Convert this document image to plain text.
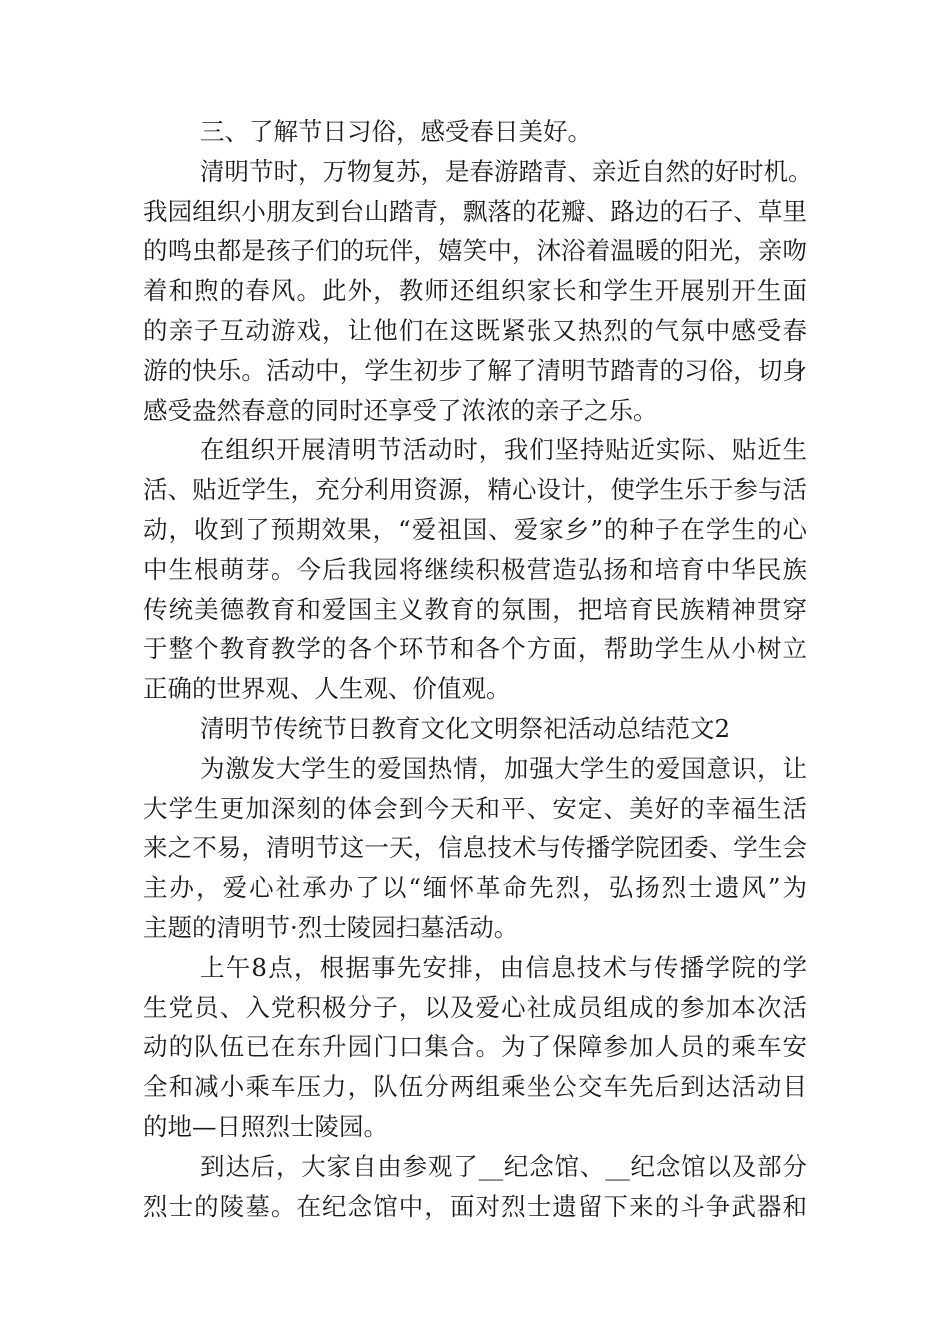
三、了解节日习俗，感受春日美好。
清明节时，万物复苏，是春游踏青、亲近自然的好时机。
我园组织小朋友到台山踏青，飘落的花瓣、路边的石子、草里
的鸣虫都是孩子们的玩伴，嬉笑中，沐浴着温暖的阳光，亲吻
着和煦的春风。此外，教师还组织家长和学生开展别开生面
的亲子互动游戏，让他们在这既紧张又热烈的气氛中感受春
游的快乐。活动中，学生初步了解了清明节踏青的习俗，切身
感受盎然春意的同时还享受了浓浓的亲子之乐。
在组织开展清明节活动时，我们坚持贴近实际、贴近生
活、贴近学生，充分利用资源，精心设计，使学生乐于参与活
动，收到了预期效果，“爱祖国、爱家乡”的种子在学生的心
中生根萌芽。今后我园将继续积极营造弘扬和培育中华民族
传统美德教育和爱国主义教育的氛围，把培育民族精神贯穿
于整个教育教学的各个环节和各个方面，帮助学生从小树立
正确的世界观、人生观、价值观。
清明节传统节日教育文化文明祭祀活动总结范文2
为激发大学生的爱国热情，加强大学生的爱国意识，让
大学生更加深刻的体会到今天和平、安定、美好的幸福生活
来之不易，清明节这一天，信息技术与传播学院团委、学生会
主办，爱心社承办了以“缅怀革命先烈，弘扬烈士遗风”为
主题的清明节·烈士陵园扫墓活动。
上午8点，根据事先安排，由信息技术与传播学院的学
生党员、入党积极分子，以及爱心社成员组成的参加本次活
动的队伍已在东升园门口集合。为了保障参加人员的乘车安
全和减小乘车压力，队伍分两组乘坐公交车先后到达活动目
的地—日照烈士陵园。
到达后，大家自由参观了__纪念馆、__纪念馆以及部分
烈士的陵墓。在纪念馆中，面对烈士遗留下来的斗争武器和
